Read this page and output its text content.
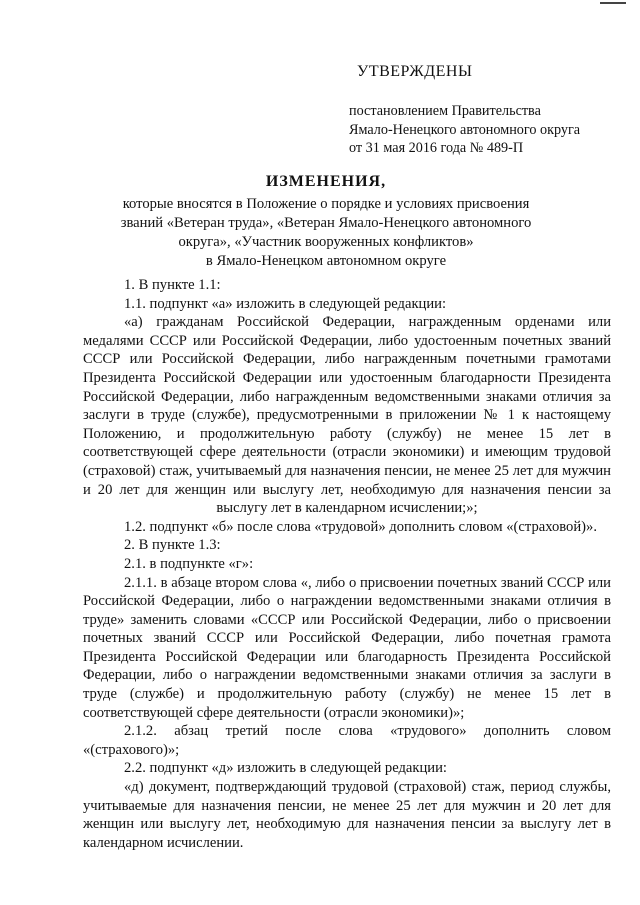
УТВЕРЖДЕНЫ
постановлением Правительства
Ямало-Ненецкого автономного округа
от 31 мая 2016 года № 489-П
ИЗМЕНЕНИЯ,
которые вносятся в Положение о порядке и условиях присвоения
званий «Ветеран труда», «Ветеран Ямало-Ненецкого автономного
округа», «Участник вооруженных конфликтов»
в Ямало-Ненецком автономном округе

1. В пункте 1.1:

1.1. подпункт «а» изложить в следующей редакции:

«а) гражданам Российской Федерации, награжденным орденами или медалями СССР или Российской Федерации, либо удостоенным почетных званий СССР или Российской Федерации, либо награжденным почетными грамотами Президента Российской Федерации или удостоенным благодарности Президента Российской Федерации, либо награжденным ведомственными знаками отличия за заслуги в труде (службе), предусмотренными в приложении № 1 к настоящему Положению, и продолжительную работу (службу) не менее 15 лет в соответствующей сфере деятельности (отрасли экономики) и имеющим трудовой (страховой) стаж, учитываемый для назначения пенсии, не менее 25 лет для мужчин и 20 лет для женщин или выслугу лет, необходимую для назначения пенсии за выслугу лет в календарном исчислении;»;

1.2. подпункт «б» после слова «трудовой» дополнить словом «(страховой)».

2. В пункте 1.3:

2.1. в подпункте «г»:

2.1.1. в абзаце втором слова «, либо о присвоении почетных званий СССР или Российской Федерации, либо о награждении ведомственными знаками отличия в труде» заменить словами «СССР или Российской Федерации, либо о присвоении почетных званий СССР или Российской Федерации, либо почетная грамота Президента Российской Федерации или благодарность Президента Российской Федерации, либо о награждении ведомственными знаками отличия за заслуги в труде (службе) и продолжительную работу (службу) не менее 15 лет в соответствующей сфере деятельности (отрасли экономики)»;

2.1.2. абзац третий после слова «трудового» дополнить словом «(страхового)»;

2.2. подпункт «д» изложить в следующей редакции:

«д) документ, подтверждающий трудовой (страховой) стаж, период службы, учитываемые для назначения пенсии, не менее 25 лет для мужчин и 20 лет для женщин или выслугу лет, необходимую для назначения пенсии за выслугу лет в календарном исчислении.
